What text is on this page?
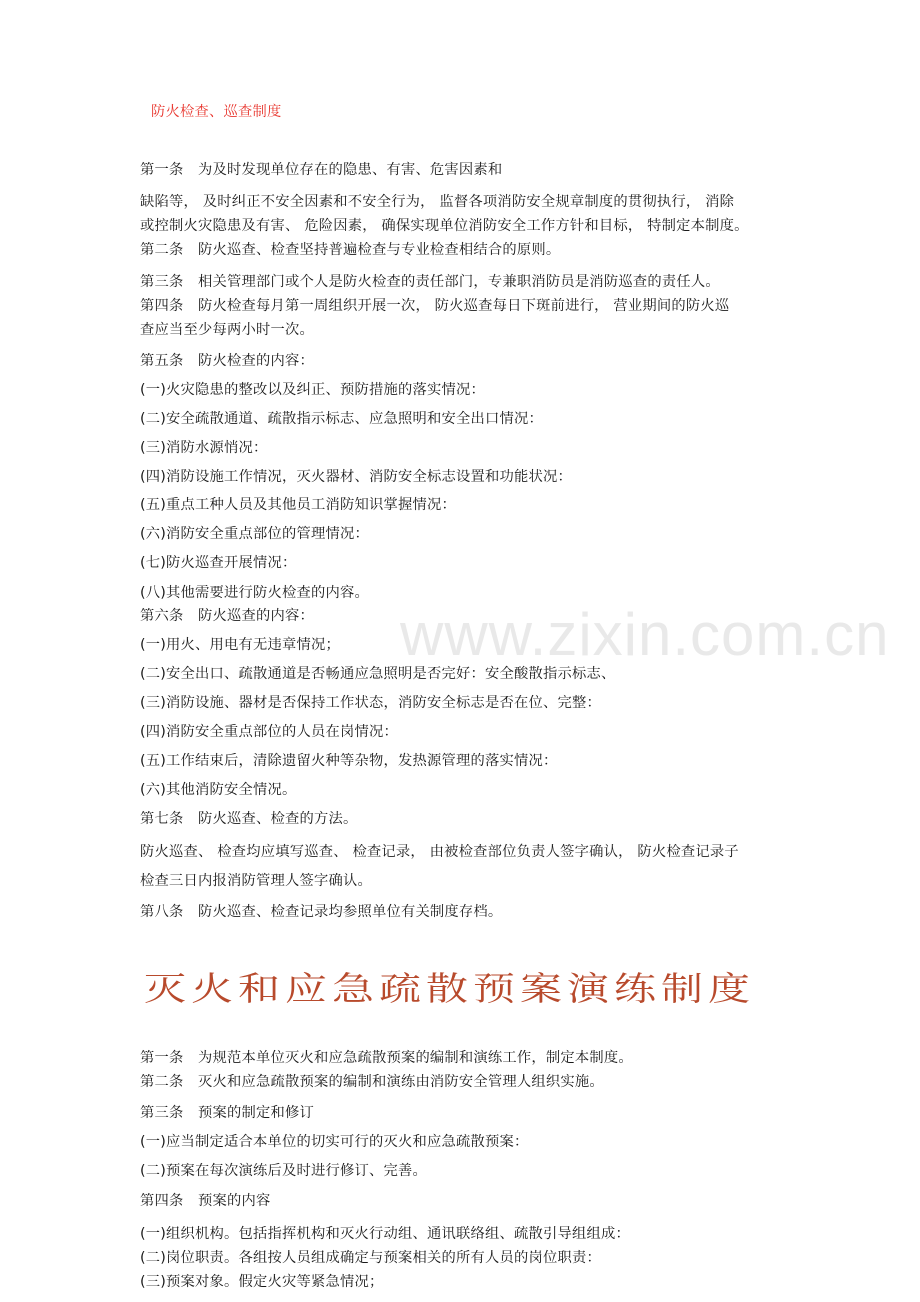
www.zixin.com.cn

防火检查、巡查制度

第一条　为及时发现单位存在的隐患、有害、危害因素和

缺陷等， 及时纠正不安全因素和不安全行为， 监督各项消防安全规章制度的贯彻执行， 消除

或控制火灾隐患及有害、 危险因素， 确保实现单位消防安全工作方针和目标， 特制定本制度。

第二条　防火巡查、检查坚持普遍检查与专业检查相结合的原则。

第三条　相关管理部门或个人是防火检查的责任部门，专兼职消防员是消防巡查的责任人。

第四条　防火检查每月第一周组织开展一次， 防火巡查每日下斑前进行， 营业期间的防火巡

查应当至少每两小时一次。

第五条　防火检查的内容：

(一)火灾隐患的整改以及纠正、预防措施的落实情况：

(二)安全疏散通道、疏散指示标志、应急照明和安全出口情况：

(三)消防水源悄况：

(四)消防设施工作情况，灭火器材、消防安全标志设置和功能状况：

(五)重点工种人员及其他员工消防知识掌握情况：

(六)消防安全重点部位的管理情况：

(七)防火巡查开展情况：

(八)其他需要进行防火检查的内容。

第六条　防火巡查的内容：

(一)用火、用电有无违章情况；

(二)安全出口、疏散通道是否畅通应急照明是否完好：安全酸散指示标志、

(三)消防设施、器材是否保持工作状态，消防安全标志是否在位、完整：

(四)消防安全重点部位的人员在岗情况：

(五)工作结束后，清除遗留火种等杂物，发热源管理的落实情况：

(六)其他消防安全情况。

第七条　防火巡查、检查的方法。

防火巡查、 检查均应填写巡查、 检查记录， 由被检查部位负责人签字确认， 防火检查记录子

检查三日内报消防管理人签字确认。

第八条　防火巡查、检查记录均参照单位有关制度存档。

灭火和应急疏散预案演练制度

第一条　为规范本单位灭火和应急疏散预案的编制和演练工作，制定本制度。

第二条　灭火和应急疏散预案的编制和演练由消防安全管理人组织实施。

第三条　预案的制定和修订

(一)应当制定适合本单位的切实可行的灭火和应急疏散预案：

(二)预案在每次演练后及时进行修订、完善。

第四条　预案的内容

(一)组织机构。包括指挥机构和灭火行动组、通讯联络组、疏散引导组组成：

(二)岗位职责。各组按人员组成确定与预案相关的所有人员的岗位职责：

(三)预案对象。假定火灾等紧急情况；
